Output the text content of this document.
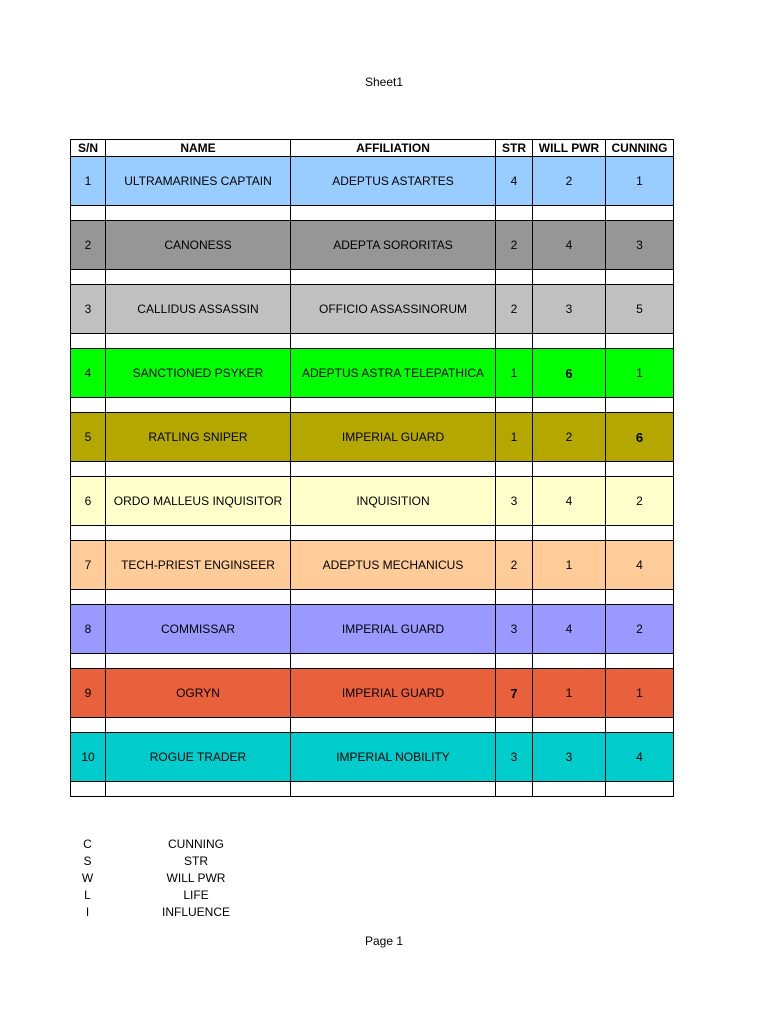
Sheet1
S/N	NAME	AFFILIATION	STR	WILL PWR	CUNNING
1	ULTRAMARINES CAPTAIN	ADEPTUS ASTARTES	4	2	1

2	CANONESS	ADEPTA SORORITAS	2	4	3

3	CALLIDUS ASSASSIN	OFFICIO ASSASSINORUM	2	3	5

4	SANCTIONED PSYKER	ADEPTUS ASTRA TELEPATHICA	1	6	1

5	RATLING SNIPER	IMPERIAL GUARD	1	2	6

6	ORDO MALLEUS INQUISITOR	INQUISITION	3	4	2

7	TECH-PRIEST ENGINSEER	ADEPTUS MECHANICUS	2	1	4

8	COMMISSAR	IMPERIAL GUARD	3	4	2

9	OGRYN	IMPERIAL GUARD	7	1	1

10	ROGUE TRADER	IMPERIAL NOBILITY	3	3	4

C	CUNNING
S	STR
W	WILL PWR
L	LIFE
I	INFLUENCE
Page 1
